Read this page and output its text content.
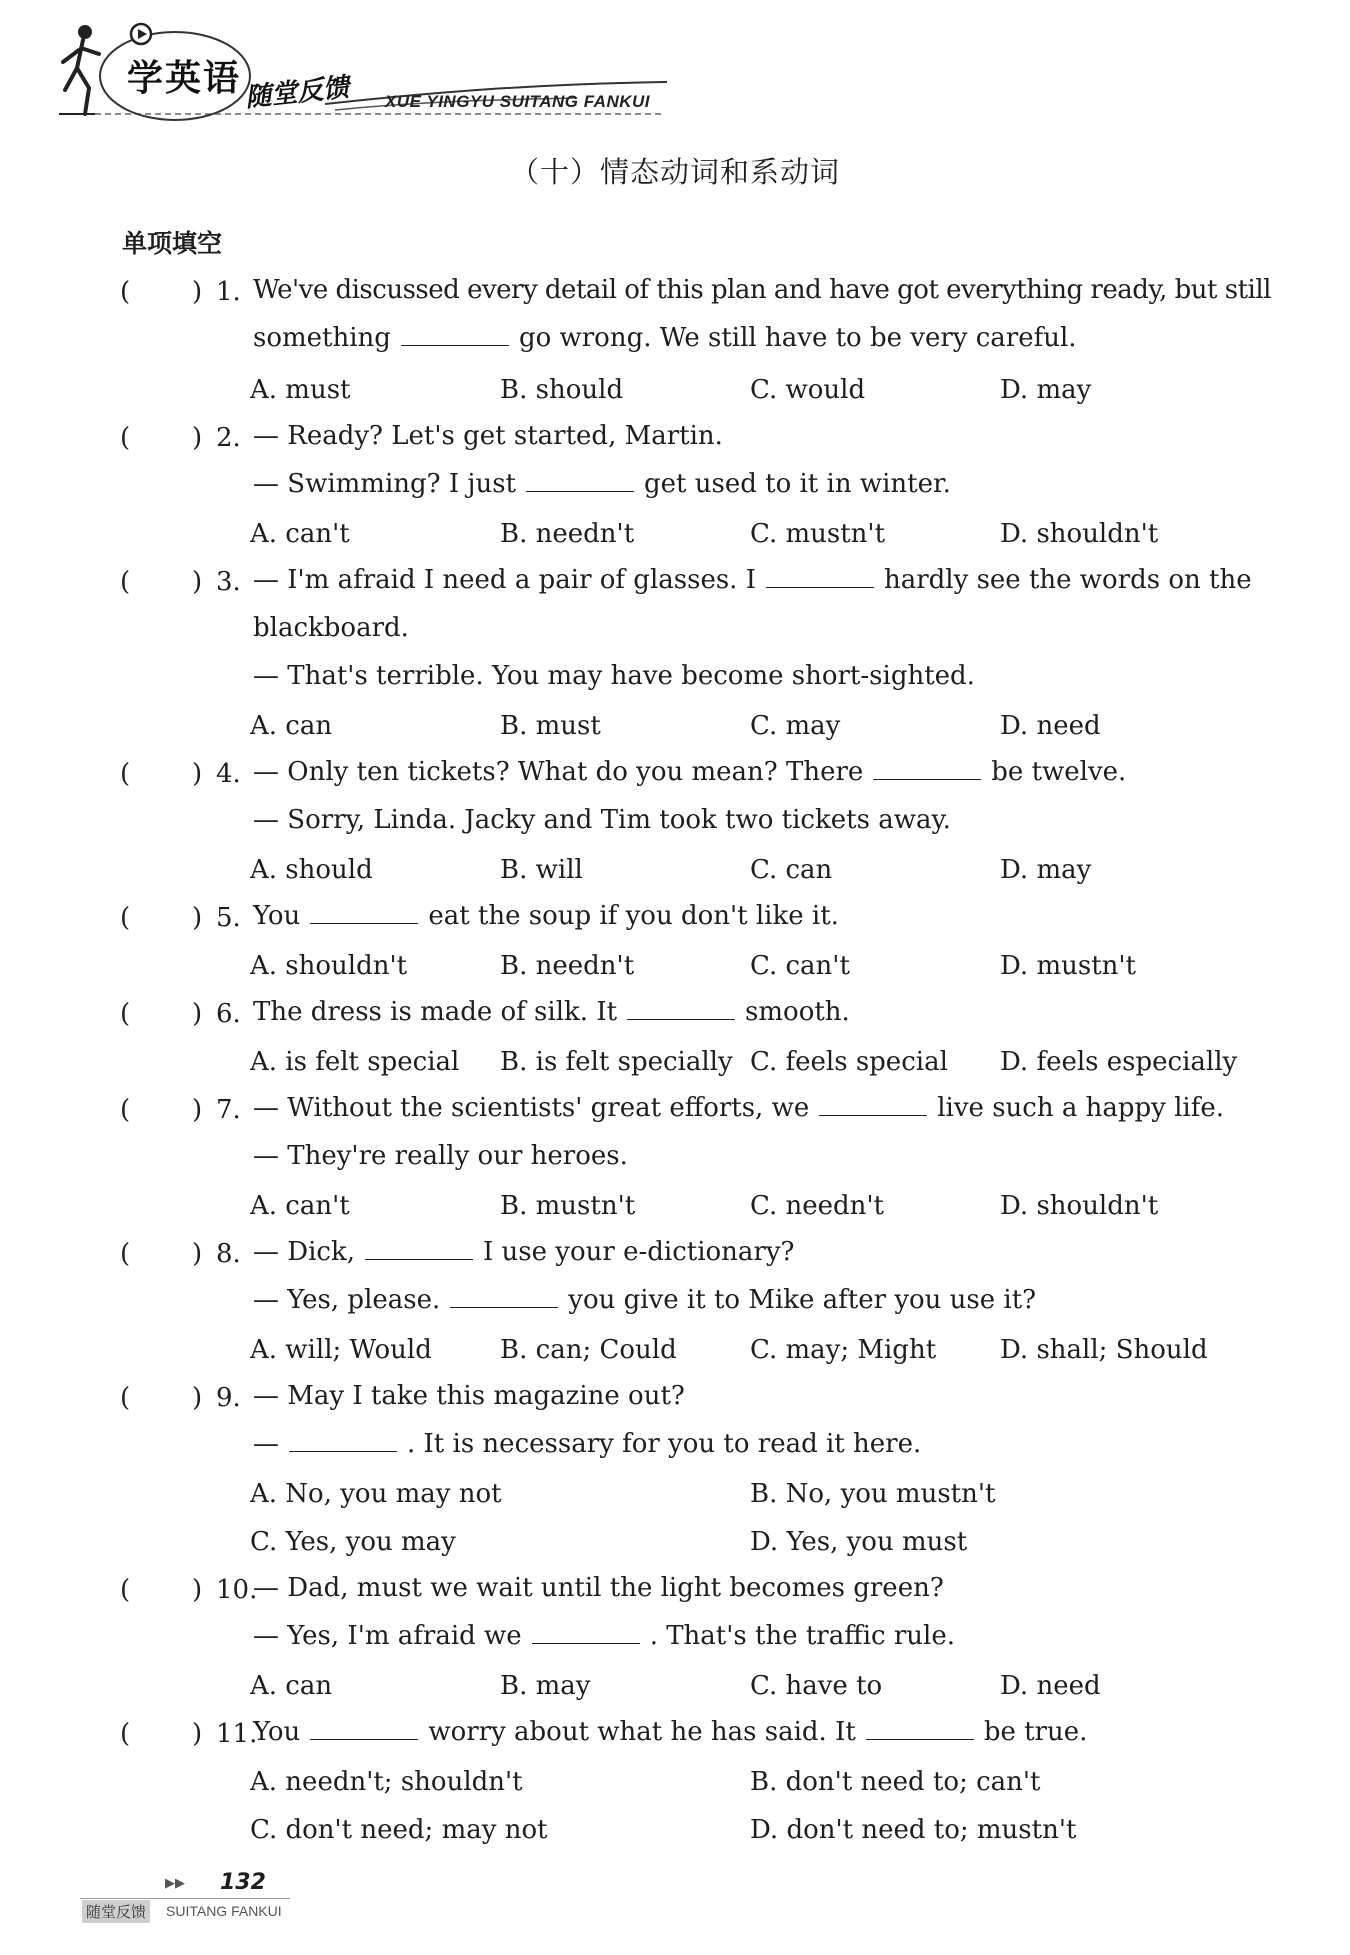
学英语 随堂反馈 XUE YINGYU SUITANG FANKUI
（十）情态动词和系动词
单项填空
( ) 1. We've discussed every detail of this plan and have got everything ready, but still
something	go wrong. We still have to be very careful.
A. must	B. should	C. would	D. may
( ) 2. — Ready? Let's get started, Martin.
— Swimming? I just	get used to it in winter.
A. can't	B. needn't	C. mustn't	D. shouldn't
( ) 3. — I'm afraid I need a pair of glasses. I	hardly see the words on the
blackboard.
— That's terrible. You may have become short-sighted.
A. can	B. must	C. may	D. need
( ) 4. — Only ten tickets? What do you mean? There	be twelve.
— Sorry, Linda. Jacky and Tim took two tickets away.
A. should	B. will	C. can	D. may
( ) 5. You	eat the soup if you don't like it.
A. shouldn't	B. needn't	C. can't	D. mustn't
( ) 6. The dress is made of silk. It	smooth.
A. is felt special B. is felt specially C. feels special D. feels especially
( ) 7. — Without the scientists' great efforts, we	live such a happy life.
— They're really our heroes.
A. can't	B. mustn't	C. needn't	D. shouldn't
( ) 8. — Dick,	I use your e-dictionary?
— Yes, please.	you give it to Mike after you use it?
A. will; Would	B. can; Could	C. may; Might D. shall; Should
( ) 9. — May I take this magazine out?
—	. It is necessary for you to read it here.
A. No, you may not	B. No, you mustn't
C. Yes, you may	D. Yes, you must
( ) 10.
— Dad, must we wait until the light becomes green?
— Yes, I'm afraid we	. That's the traffic rule.
A. can	B. may	C. have to	D. need
( ) 11.
You	worry about what he has said. It	be true.
A. needn't; shouldn't	B. don't need to; can't
C. don't need; may not	D. don't need to; mustn't
▶▶ 132
随堂反馈 SUITANG FANKUI
